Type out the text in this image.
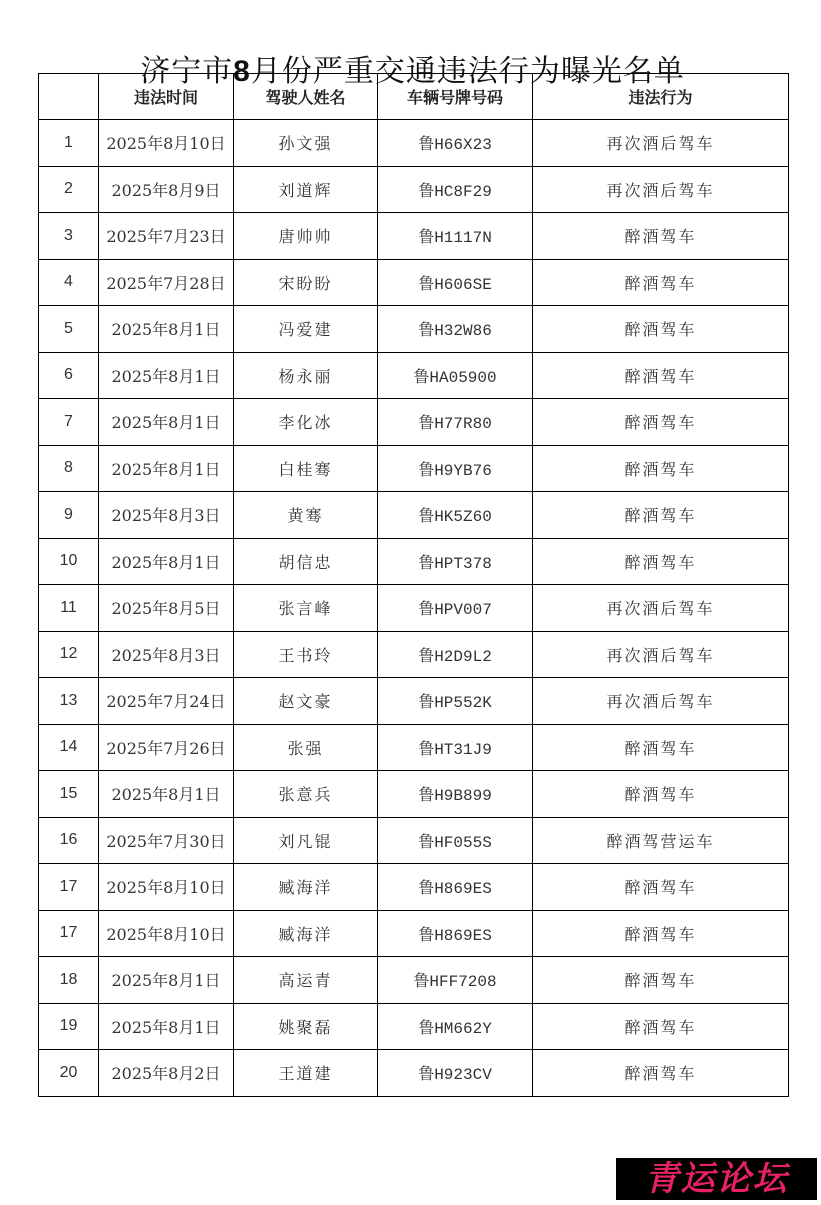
济宁市8月份严重交通违法行为曝光名单
	违法时间	驾驶人姓名	车辆号牌号码	违法行为
1	2025年8月10日	孙文强	鲁H66X23	再次酒后驾车
2	2025年8月9日	刘道辉	鲁HC8F29	再次酒后驾车
3	2025年7月23日	唐帅帅	鲁H1117N	醉酒驾车
4	2025年7月28日	宋盼盼	鲁H606SE	醉酒驾车
5	2025年8月1日	冯爱建	鲁H32W86	醉酒驾车
6	2025年8月1日	杨永丽	鲁HA05900	醉酒驾车
7	2025年8月1日	李化冰	鲁H77R80	醉酒驾车
8	2025年8月1日	白桂骞	鲁H9YB76	醉酒驾车
9	2025年8月3日	黄骞	鲁HK5Z60	醉酒驾车
10	2025年8月1日	胡信忠	鲁HPT378	醉酒驾车
11	2025年8月5日	张言峰	鲁HPV007	再次酒后驾车
12	2025年8月3日	王书玲	鲁H2D9L2	再次酒后驾车
13	2025年7月24日	赵文豪	鲁HP552K	再次酒后驾车
14	2025年7月26日	张强	鲁HT31J9	醉酒驾车
15	2025年8月1日	张意兵	鲁H9B899	醉酒驾车
16	2025年7月30日	刘凡锟	鲁HF055S	醉酒驾营运车
17	2025年8月10日	臧海洋	鲁H869ES	醉酒驾车
17	2025年8月10日	臧海洋	鲁H869ES	醉酒驾车
18	2025年8月1日	高运青	鲁HFF7208	醉酒驾车
19	2025年8月1日	姚聚磊	鲁HM662Y	醉酒驾车
20	2025年8月2日	王道建	鲁H923CV	醉酒驾车
青运论坛
